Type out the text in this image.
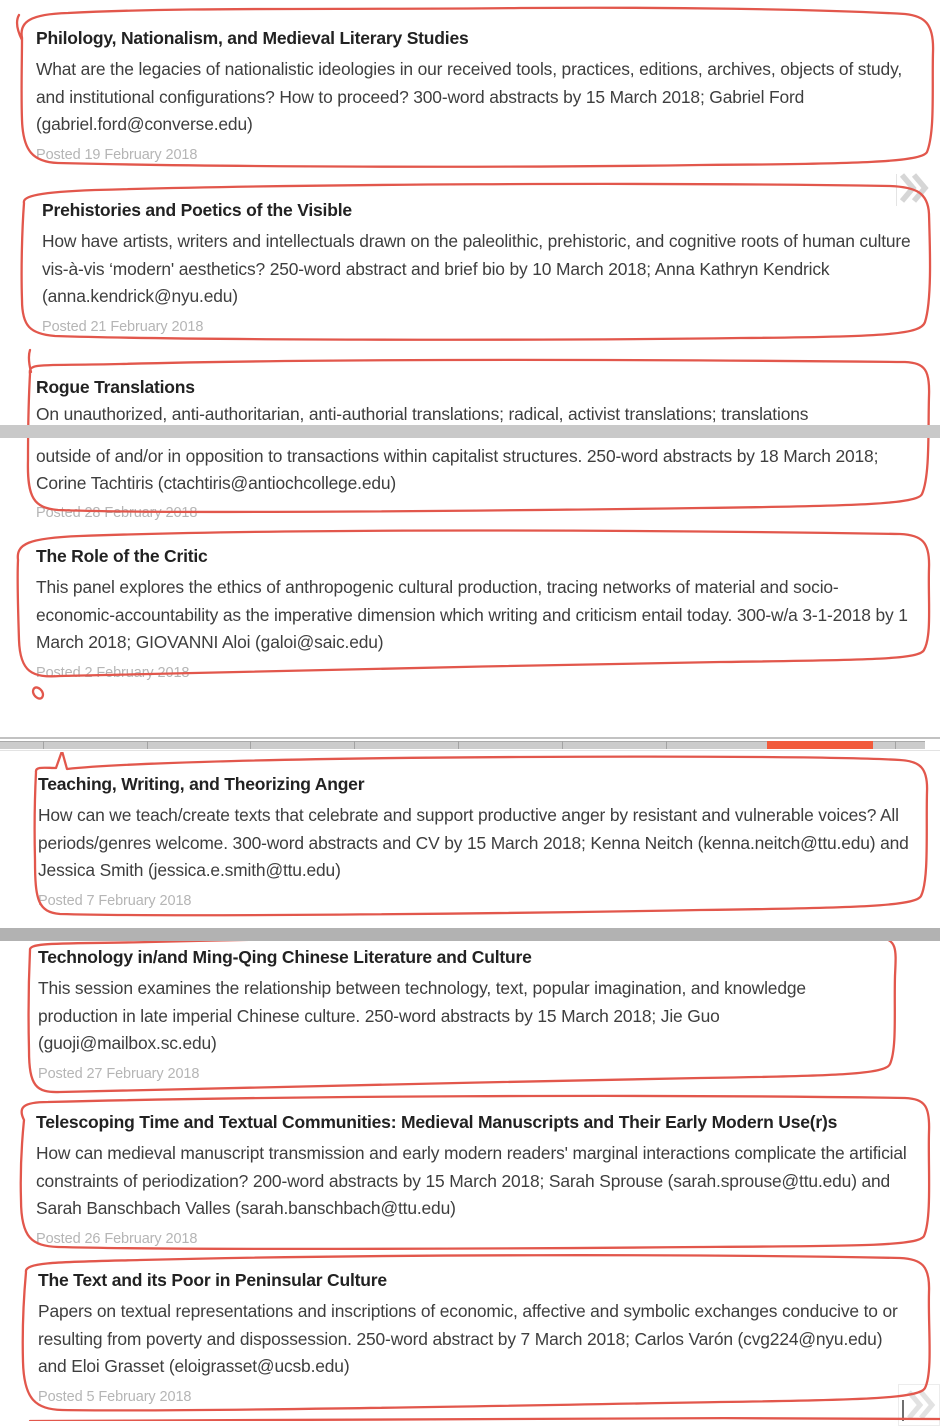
Philology, Nationalism, and Medieval Literary Studies

What are the legacies of nationalistic ideologies in our received tools, practices, editions, archives, objects of study, and institutional configurations? How to proceed? 300-word abstracts by 15 March 2018; Gabriel Ford (gabriel.ford@converse.edu)

Posted 19 February 2018
Prehistories and Poetics of the Visible

How have artists, writers and intellectuals drawn on the paleolithic, prehistoric, and cognitive roots of human culture vis-à-vis ‘modern' aesthetics? 250-word abstract and brief bio by 10 March 2018; Anna Kathryn Kendrick (anna.kendrick@nyu.edu)

Posted 21 February 2018
Rogue Translations

On unauthorized, anti-authoritarian, anti-authorial translations; radical, activist translations; translations

outside of and/or in opposition to transactions within capitalist structures. 250-word abstracts by 18 March 2018; Corine Tachtiris (ctachtiris@antiochcollege.edu)

Posted 28 February 2018
The Role of the Critic

This panel explores the ethics of anthropogenic cultural production, tracing networks of material and socio-economic-accountability as the imperative dimension which writing and criticism entail today. 300-w/a 3-1-2018 by 1 March 2018; GIOVANNI Aloi (galoi@saic.edu)

Posted 2 February 2018
Teaching, Writing, and Theorizing Anger

How can we teach/create texts that celebrate and support productive anger by resistant and vulnerable voices? All periods/genres welcome. 300-word abstracts and CV by 15 March 2018; Kenna Neitch (kenna.neitch@ttu.edu) and Jessica Smith (jessica.e.smith@ttu.edu)

Posted 7 February 2018
Technology in/and Ming-Qing Chinese Literature and Culture

This session examines the relationship between technology, text, popular imagination, and knowledge production in late imperial Chinese culture. 250-word abstracts by 15 March 2018; Jie Guo (guoji@mailbox.sc.edu)

Posted 27 February 2018
Telescoping Time and Textual Communities: Medieval Manuscripts and Their Early Modern Use(r)s

How can medieval manuscript transmission and early modern readers' marginal interactions complicate the artificial constraints of periodization? 200-word abstracts by 15 March 2018; Sarah Sprouse (sarah.sprouse@ttu.edu) and Sarah Banschbach Valles (sarah.banschbach@ttu.edu)

Posted 26 February 2018
The Text and its Poor in Peninsular Culture

Papers on textual representations and inscriptions of economic, affective and symbolic exchanges conducive to or resulting from poverty and dispossession. 250-word abstract by 7 March 2018; Carlos Varón (cvg224@nyu.edu) and Eloi Grasset (eloigrasset@ucsb.edu)

Posted 5 February 2018
